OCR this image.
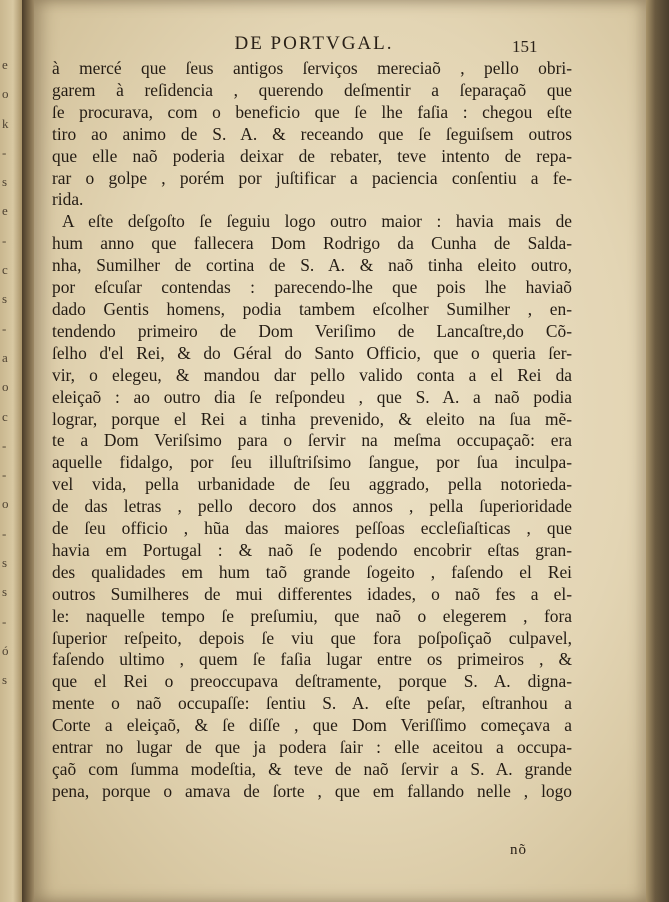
e
o
k
-
s
e
-
c
s
-
a
o
c
-
-
o
-
s
s
-
ó
s
DE PORTVGAL.	151
à mercé que ſeus antigos ſerviços mereciaõ , pello obri-
garem à reſidencia , querendo deſmentir a ſeparaçaõ que
ſe procurava, com o beneficio que ſe lhe faſia : chegou eſte
tiro ao animo de S. A. & receando que ſe ſeguiſsem outros
que elle naõ poderia deixar de rebater, teve intento de repa-
rar o golpe , porém por juſtificar a paciencia conſentiu a fe-
rida.
A eſte deſgoſto ſe ſeguiu logo outro maior : havia mais de
hum anno que fallecera Dom Rodrigo da Cunha de Salda-
nha, Sumilher de cortina de S. A. & naõ tinha eleito outro,
por eſcuſar contendas : parecendo-lhe que pois lhe haviaõ
dado Gentis homens, podia tambem eſcolher Sumilher , en-
tendendo primeiro de Dom Veriſimo de Lancaſtre,do Cõ-
ſelho d'el Rei, & do Géral do Santo Officio, que o queria ſer-
vir, o elegeu, & mandou dar pello valido conta a el Rei da
eleiçaõ : ao outro dia ſe reſpondeu , que S. A. a naõ podia
lograr, porque el Rei a tinha prevenido, & eleito na ſua mẽ-
te a Dom Veriſsimo para o ſervir na meſma occupaçaõ: era
aquelle fidalgo, por ſeu illuſtriſsimo ſangue, por ſua inculpa-
vel vida, pella urbanidade de ſeu aggrado, pella notorieda-
de das letras , pello decoro dos annos , pella ſuperioridade
de ſeu officio , hũa das maiores peſſoas eccleſiaſticas , que
havia em Portugal : & naõ ſe podendo encobrir eſtas gran-
des qualidades em hum taõ grande ſogeito , faſendo el Rei
outros Sumilheres de mui differentes idades, o naõ fes a el-
le: naquelle tempo ſe preſumiu, que naõ o elegerem , fora
ſuperior reſpeito, depois ſe viu que fora poſpoſiçaõ culpavel,
faſendo ultimo , quem ſe faſia lugar entre os primeiros , &
que el Rei o preoccupava deſtramente, porque S. A. digna-
mente o naõ occupaſſe: ſentiu S. A. eſte peſar, eſtranhou a
Corte a eleiçaõ, & ſe diſſe , que Dom Veriſſimo começava a
entrar no lugar de que ja podera ſair : elle aceitou a occupa-
çaõ com ſumma modeſtia, & teve de naõ ſervir a S. A. grande
pena, porque o amava de ſorte , que em fallando nelle , logo
nõ
